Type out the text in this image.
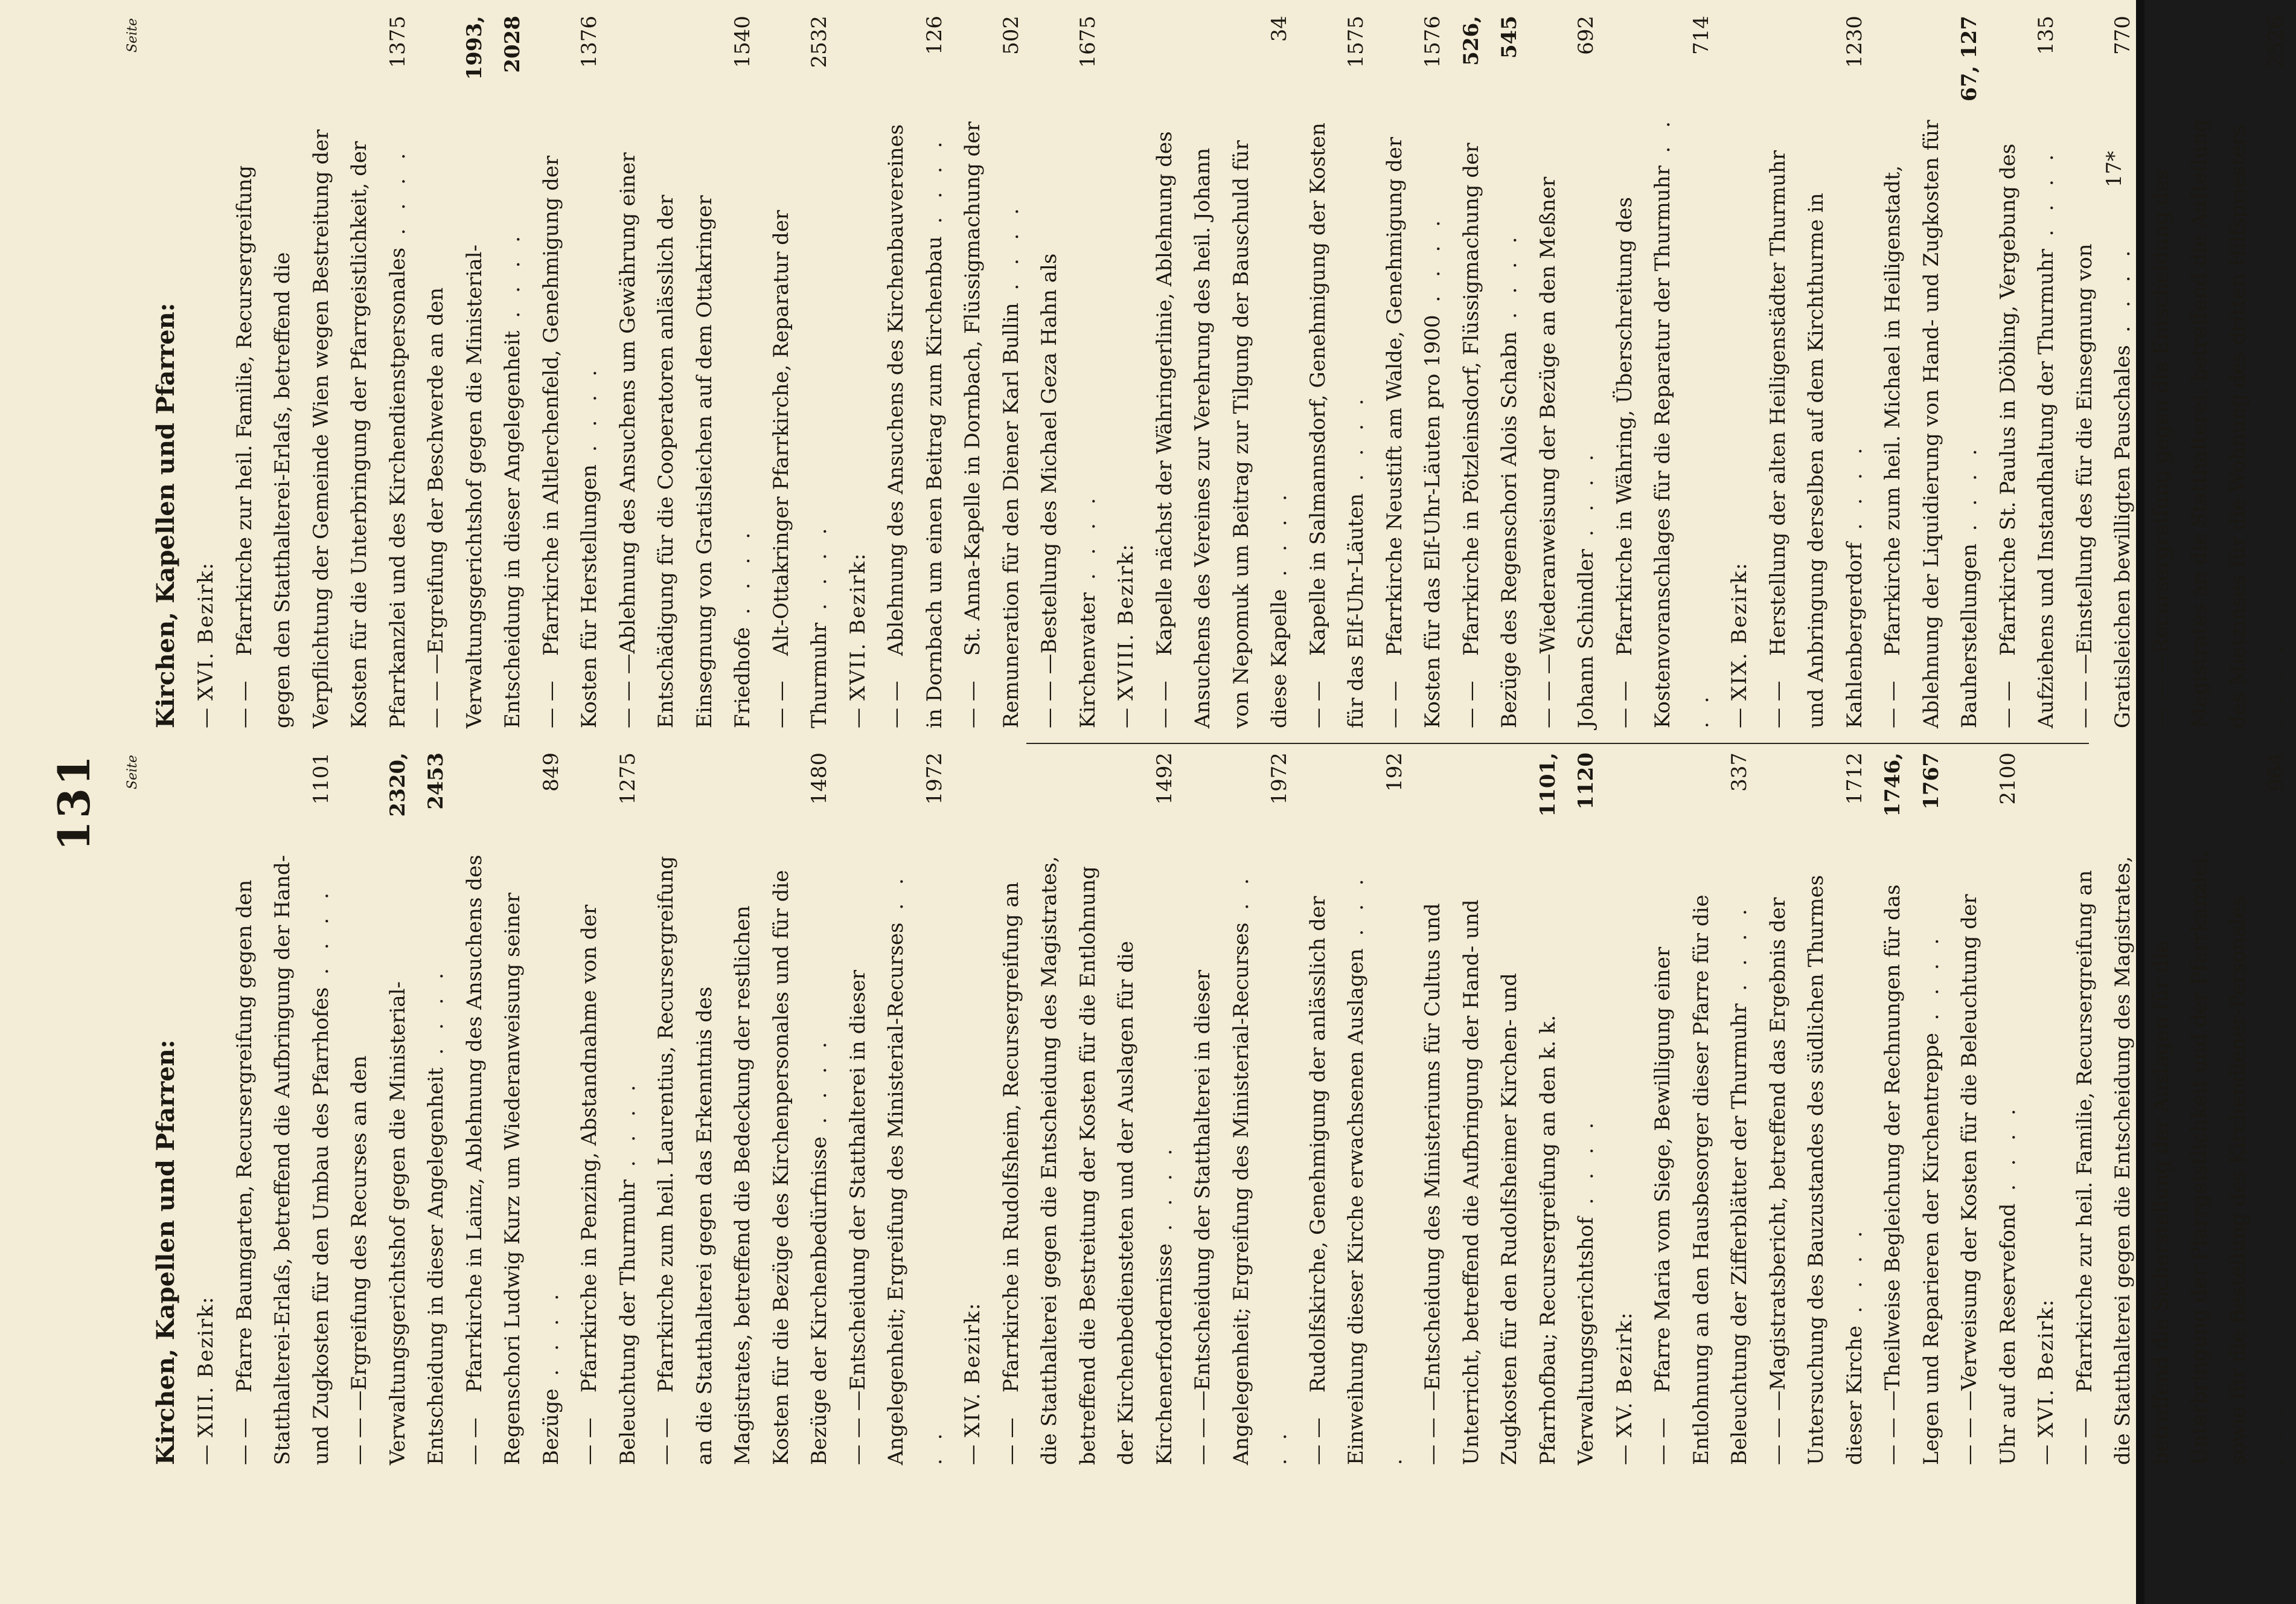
131	Seite
Kirchen, Kapellen und Pfarren: —XIII. Bezirk:
— —Pfarre Baumgarten, Recursergreifung gegen den Statthalterei-Erlaſs, betreffend die Aufbringung der Hand- und Zugkosten für den Umbau des Pfarrhofes . . . .
1101
— — —Ergreifung des Recurses an den Verwaltungsgerichtshof gegen die Ministerial-Entscheidung in dieser Angelegenheit . . . .
2320, 2453
— —Pfarrkirche in Lainz, Ablehnung des Ansuchens des Regenschori Ludwig Kurz um Wiederanweisung seiner Bezüge . . . .
849
— —Pfarrkirche in Penzing, Abstandnahme von der Beleuchtung der Thurmuhr . . . .
1275
— —Pfarrkirche zum heil. Laurentius, Recursergreifung an die Statthalterei gegen das Erkenntnis des Magistrates, betreffend die Bedeckung der restlichen Kosten für die Bezüge des Kirchenpersonales und für die Bezüge der Kirchenbedürfnisse . . . .
1480
— — —Entscheidung der Statthalterei in dieser Angelegenheit; Ergreifung des Ministerial-Recurses . . . .
1972
—XIV. Bezirk:
— —Pfarrkirche in Rudolfsheim, Recursergreifung an die Statthalterei gegen die Entscheidung des Magistrates, betreffend die Bestreitung der Kosten für die Entlohnung der Kirchenbediensteten und der Auslagen für die Kirchenerfordernisse . . . .
1492
— — —Entscheidung der Statthalterei in dieser Angelegenheit; Ergreifung des Ministerial-Recurses . . . .
1972
— —Rudolfskirche, Genehmigung der anlässlich der Einweihung dieser Kirche erwachsenen Auslagen . . . .
192
— — —Entscheidung des Ministeriums für Cultus und Unterricht, betreffend die Aufbringung der Hand- und Zugkosten für den Rudolfsheimer Kirchen- und Pfarrhofbau; Recursergreifung an den k. k. Verwaltungsgerichtshof . . . .
1101, 1120
—XV. Bezirk:
— —Pfarre Maria vom Siege, Bewilligung einer Entlohnung an den Hausbesorger dieser Pfarre für die Beleuchtung der Zifferblätter der Thurmuhr . . . .
337
— — —Magistratsbericht, betreffend das Ergebnis der Untersuchung des Bauzustandes des südlichen Thurmes dieser Kirche . . . .
1712
— — —Theilweise Begleichung der Rechnungen für das Legen und Reparieren der Kirchentreppe . . . .
1746, 1767
— — —Verweisung der Kosten für die Beleuchtung der Uhr auf den Reservefond . . . .
2100
—XVI. Bezirk:
— —Pfarrkirche zur heil. Familie, Recursergreifung an die Statthalterei gegen die Entscheidung des Magistrates, betreffend die Sicherstellung der Auslagen für die Unterbringung der Pfarrgeistlichkeit und der Pfarrkanzlei, sowie für die Bestellung des Kirchendiener-Personales . . . .
964
Seite
Kirchen, Kapellen und Pfarren: —XVI. Bezirk:
— —Pfarrkirche zur heil. Familie, Recursergreifung gegen den Statthalterei-Erlaſs, betreffend die Verpflichtung der Gemeinde Wien wegen Bestreitung der Kosten für die Unterbringung der Pfarrgeistlichkeit, der Pfarrkanzlei und des Kirchendienstpersonales . . . .
1375
— — —Ergreifung der Beschwerde an den Verwaltungsgerichtshof gegen die Ministerial-Entscheidung in dieser Angelegenheit . . . .
1993, 2028
— —Pfarrkirche in Altlerchenfeld, Genehmigung der Kosten für Herstellungen . . . .
1376
— — —Ablehnung des Ansuchens um Gewährung einer Entschädigung für die Cooperatoren anlässlich der Einsegnung von Gratisleichen auf dem Ottakringer Friedhofe . . . .
1540
— —Alt-Ottakringer Pfarrkirche, Reparatur der Thurmuhr . . . .
2532
—XVII. Bezirk:
— —Ablehnung des Ansuchens des Kirchenbauvereines in Dornbach um einen Beitrag zum Kirchenbau . . . .
126
— —St. Anna-Kapelle in Dornbach, Flüssigmachung der Remuneration für den Diener Karl Bullin . . . .
502
— — —Bestellung des Michael Geza Hahn als Kirchenvater . . . .
1675
—XVIII. Bezirk:
— —Kapelle nächst der Währingerlinie, Ablehnung des Ansuchens des Vereines zur Verehrung des heil. Johann von Nepomuk um Beitrag zur Tilgung der Bauschuld für diese Kapelle . . . .
34
— —Kapelle in Salmannsdorf, Genehmigung der Kosten für das Elf-Uhr-Läuten . . . .
1575
— —Pfarrkirche Neustift am Walde, Genehmigung der Kosten für das Elf-Uhr-Läuten pro 1900 . . . .
1576
— —Pfarrkirche in Pötzleinsdorf, Flüssigmachung der Bezüge des Regenschori Alois Schabn . . . .
526, 545
— — —Wiederanweisung der Bezüge an den Meßner Johann Schindler . . . .
692
— —Pfarrkirche in Währing, Überschreitung des Kostenvoranschlages für die Reparatur der Thurmuhr . . . .
714
—XIX. Bezirk:
— —Herstellung der alten Heiligenstädter Thurmuhr und Anbringung derselben auf dem Kirchthurme in Kahlenbergerdorf . . . .
1230
— —Pfarrkirche zum heil. Michael in Heiligenstadt, Ablehnung der Liquidierung von Hand- und Zugkosten für Bauherstellungen . . . .
67, 127
— —Pfarrkirche St. Paulus in Döbling, Vergebung des Aufziehens und Instandhaltung der Thurmuhr . . . .
135
— — —Einstellung des für die Einsegnung von Gratisleichen bewilligten Pauschales . . . .
770
— — —Recursergreifung gegen die Entscheidung des Magistrates an die Statthalterei, betreffend die Aufteilung des Mietzinses für die Wohnung des dritten Hilfspriesters . . . .
2526
17*
